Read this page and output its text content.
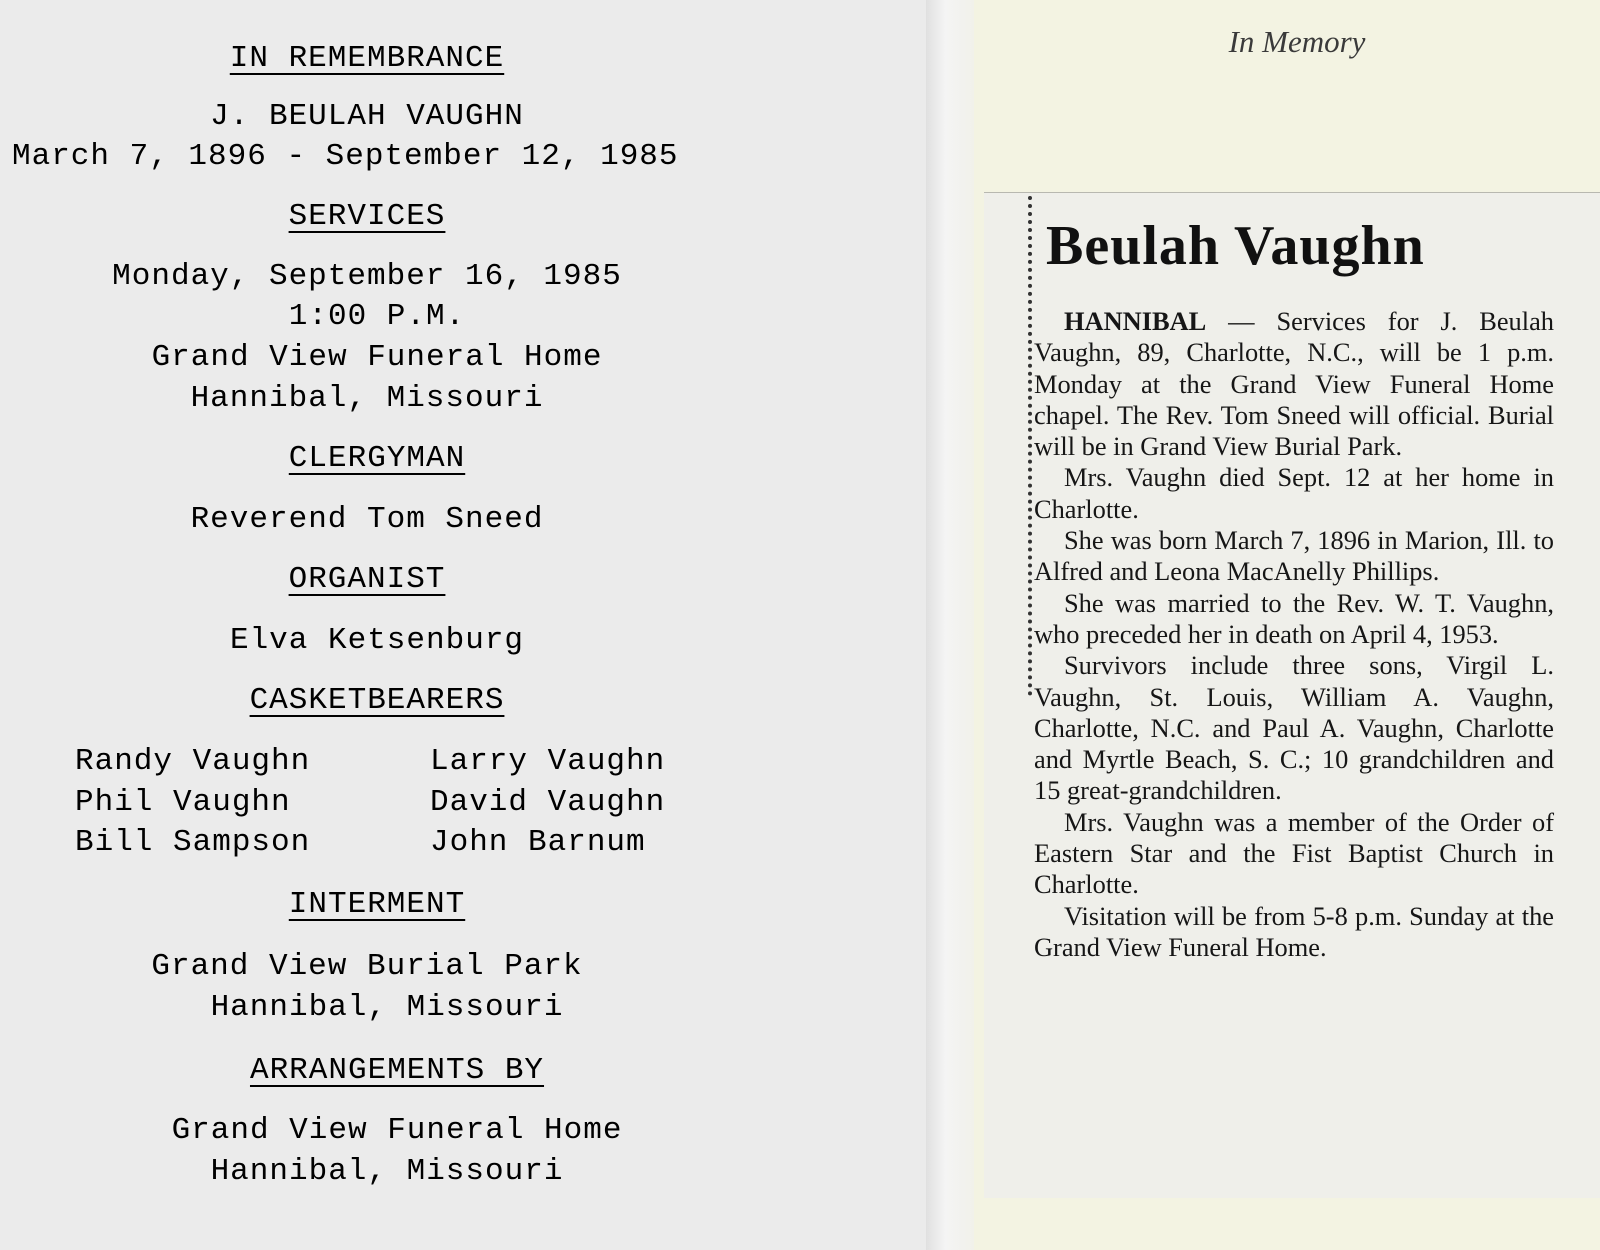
IN REMEMBRANCE
J. BEULAH VAUGHN
March 7, 1896 - September 12, 1985
SERVICES
Monday, September 16, 1985
1:00 P.M.
Grand View Funeral Home
Hannibal, Missouri
CLERGYMAN
Reverend Tom Sneed
ORGANIST
Elva Ketsenburg
CASKETBEARERS
Randy Vaughn	Larry Vaughn
Phil Vaughn	David Vaughn
Bill Sampson	John Barnum
INTERMENT
Grand View Burial Park
Hannibal, Missouri
ARRANGEMENTS BY
Grand View Funeral Home
Hannibal, Missouri
In Memory
Beulah Vaughn

HANNIBAL — Services for J. Beulah Vaughn, 89, Charlotte, N.C., will be 1 p.m. Monday at the Grand View Funeral Home chapel. The Rev. Tom Sneed will official. Burial will be in Grand View Burial Park.

Mrs. Vaughn died Sept. 12 at her home in Charlotte.

She was born March 7, 1896 in Marion, Ill. to Alfred and Leona MacAnelly Phillips.

She was married to the Rev. W. T. Vaughn, who preceded her in death on April 4, 1953.

Survivors include three sons, Virgil L. Vaughn, St. Louis, William A. Vaughn, Charlotte, N.C. and Paul A. Vaughn, Charlotte and Myrtle Beach, S. C.; 10 grandchildren and 15 great-grandchildren.

Mrs. Vaughn was a member of the Order of Eastern Star and the Fist Baptist Church in Charlotte.

Visitation will be from 5-8 p.m. Sunday at the Grand View Funeral Home.
